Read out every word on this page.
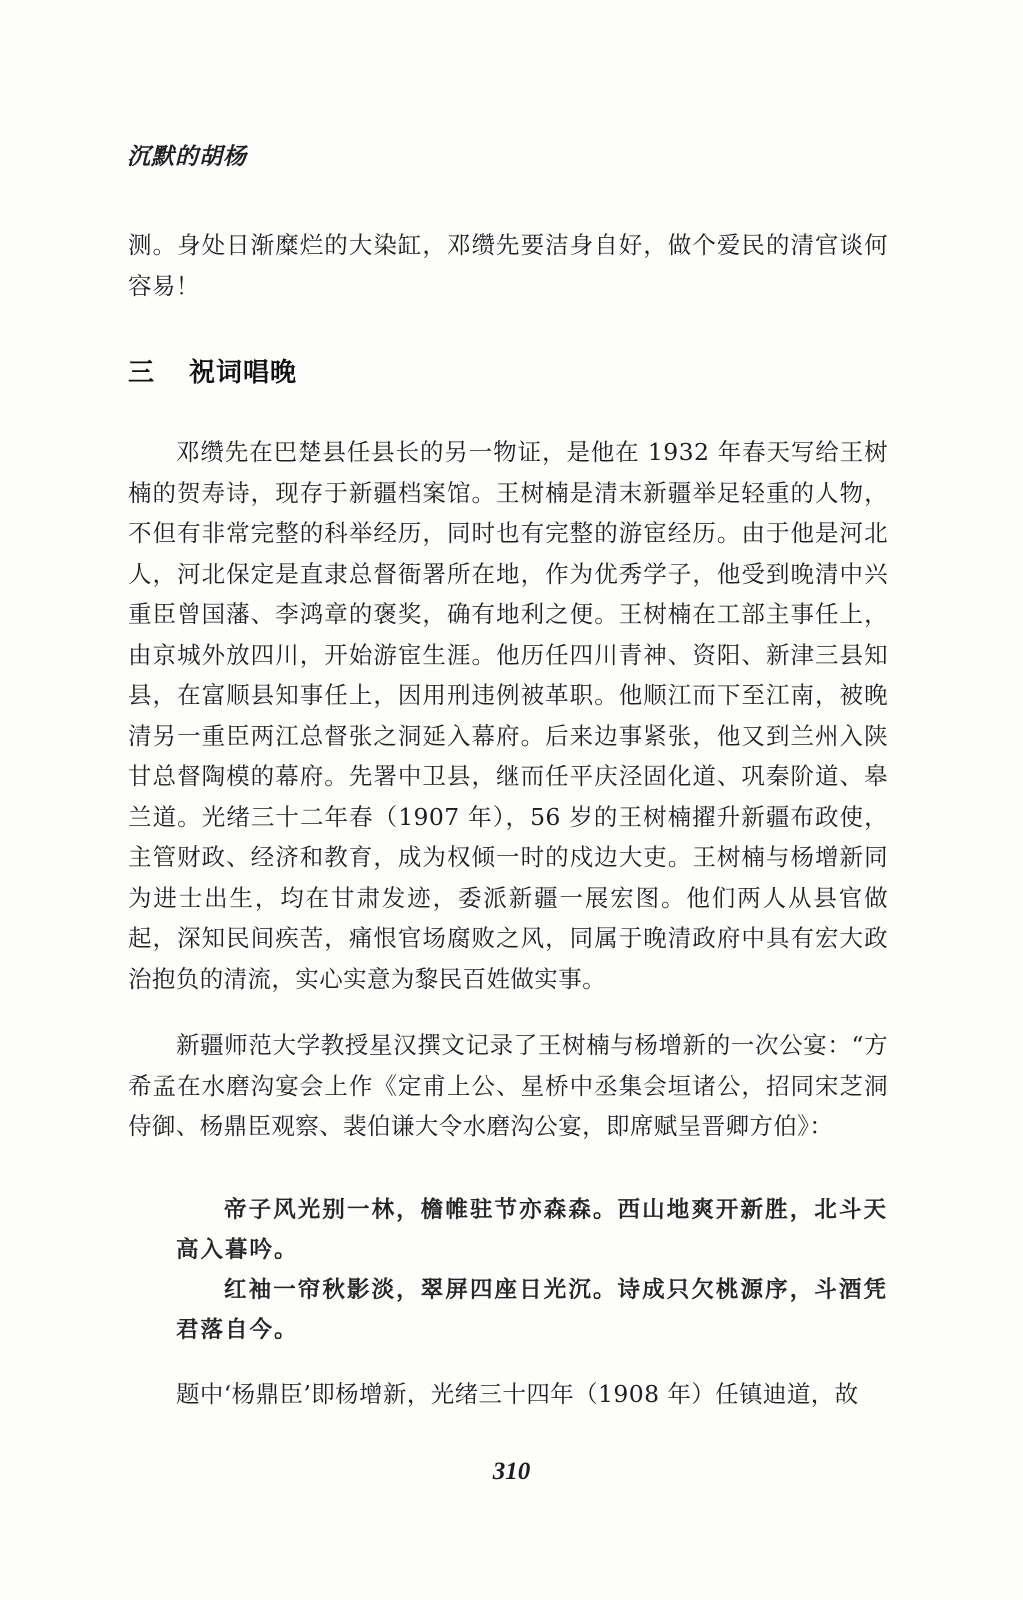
沉默的胡杨
测。身处日渐糜烂的大染缸，邓缵先要洁身自好，做个爱民的清官谈何容易！
三 祝词唱晚
邓缵先在巴楚县任县长的另一物证，是他在 1932 年春天写给王树楠的贺寿诗，现存于新疆档案馆。王树楠是清末新疆举足轻重的人物，不但有非常完整的科举经历，同时也有完整的游宦经历。由于他是河北人，河北保定是直隶总督衙署所在地，作为优秀学子，他受到晚清中兴重臣曾国藩、李鸿章的褒奖，确有地利之便。王树楠在工部主事任上，由京城外放四川，开始游宦生涯。他历任四川青神、资阳、新津三县知县，在富顺县知事任上，因用刑违例被革职。他顺江而下至江南，被晚清另一重臣两江总督张之洞延入幕府。后来边事紧张，他又到兰州入陕甘总督陶模的幕府。先署中卫县，继而任平庆泾固化道、巩秦阶道、皋兰道。光绪三十二年春（1907 年），56 岁的王树楠擢升新疆布政使，主管财政、经济和教育，成为权倾一时的戍边大吏。王树楠与杨增新同为进士出生，均在甘肃发迹，委派新疆一展宏图。他们两人从县官做起，深知民间疾苦，痛恨官场腐败之风，同属于晚清政府中具有宏大政治抱负的清流，实心实意为黎民百姓做实事。
新疆师范大学教授星汉撰文记录了王树楠与杨增新的一次公宴：“方希孟在水磨沟宴会上作《定甫上公、星桥中丞集会垣诸公，招同宋芝洞侍御、杨鼎臣观察、裴伯谦大令水磨沟公宴，即席赋呈晋卿方伯》：
帝子风光别一林，檐帷驻节亦森森。西山地爽开新胜，北斗天高入暮吟。
红袖一帘秋影淡，翠屏四座日光沉。诗成只欠桃源序，斗酒凭君落自今。
题中‘杨鼎臣’即杨增新，光绪三十四年（1908 年）任镇迪道，故
310
